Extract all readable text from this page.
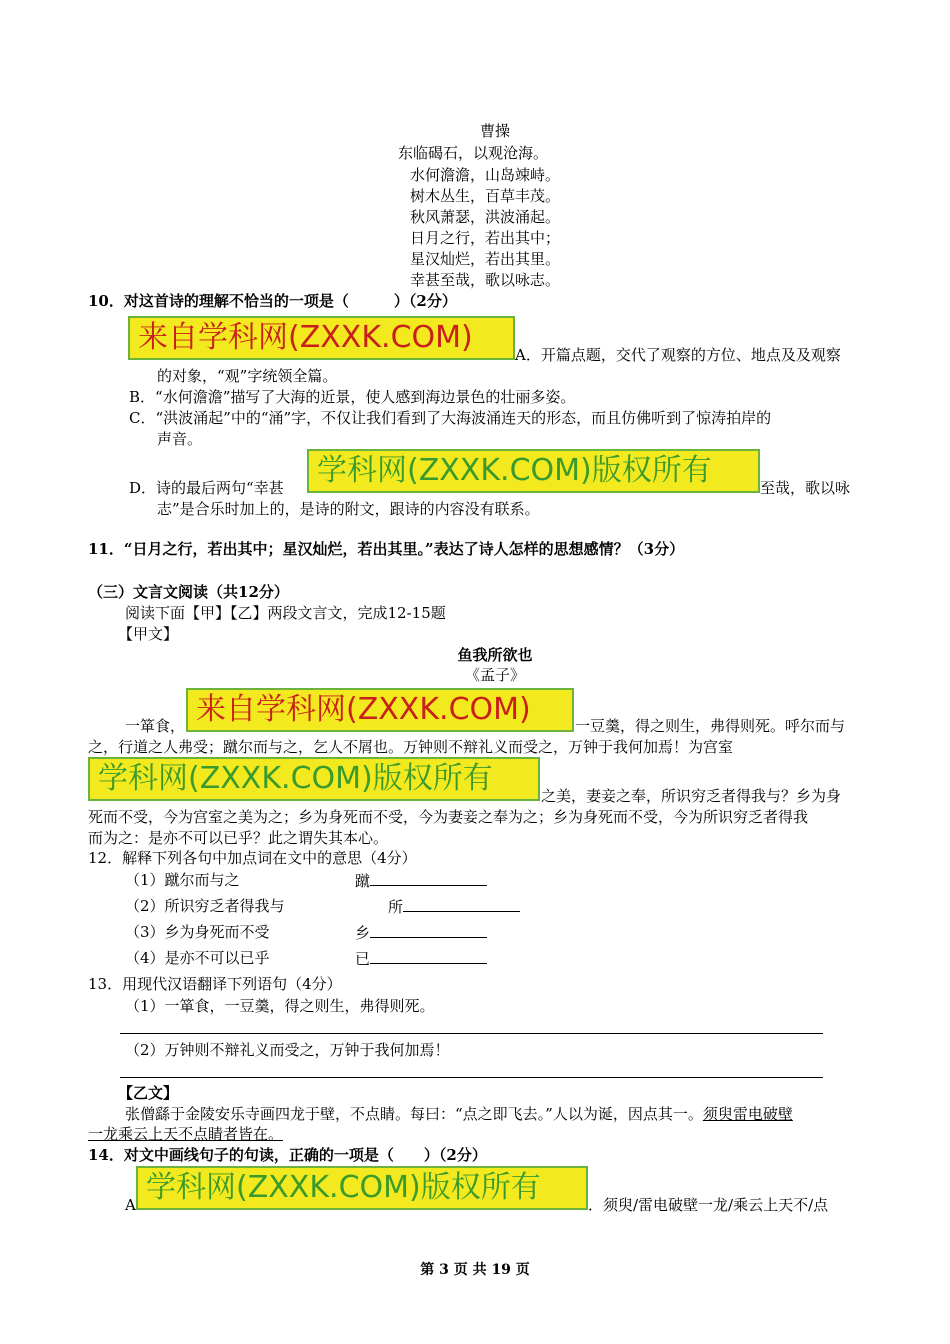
曹操
东临碣石，以观沧海。
水何澹澹，山岛竦峙。
树木丛生，百草丰茂。
秋风萧瑟，洪波涌起。
日月之行，若出其中；
星汉灿烂，若出其里。
幸甚至哉，歌以咏志。
10．对这首诗的理解不恰当的一项是（　　　）（2分）
来自学科网(ZXXK.COM)	A．开篇点题，交代了观察的方位、地点及及观察
的对象，“观”字统领全篇。
B．“水何澹澹”描写了大海的近景，使人感到海边景色的壮丽多姿。
C．“洪波涌起”中的“涌”字，不仅让我们看到了大海波涌连天的形态，而且仿佛听到了惊涛拍岸的
声音。
D．诗的最后两句“幸甚	学科网(ZXXK.COM)版权所有	至哉，歌以咏
志”是合乐时加上的，是诗的附文，跟诗的内容没有联系。
11．“日月之行，若出其中；星汉灿烂，若出其里。”表达了诗人怎样的思想感情？（3分）
（三）文言文阅读（共12分）
阅读下面【甲】【乙】两段文言文，完成12-15题
【甲文】
鱼我所欲也
《孟子》
一箪食， 来自学科网(ZXXK.COM)	一豆羹，得之则生，弗得则死。呼尔而与
之，行道之人弗受；蹴尔而与之，乞人不屑也。万钟则不辩礼义而受之，万钟于我何加焉！为宫室
学科网(ZXXK.COM)版权所有	之美，妻妾之奉，所识穷乏者得我与？乡为身
死而不受，今为宫室之美为之；乡为身死而不受，今为妻妾之奉为之；乡为身死而不受，今为所识穷乏者得我
而为之：是亦不可以已乎？此之谓失其本心。
12．解释下列各句中加点词在文中的意思（4分）
（1）蹴尔而与之	蹴
（2）所识穷乏者得我与	所
（3）乡为身死而不受	乡
（4）是亦不可以已乎	已
13．用现代汉语翻译下列语句（4分）
（1）一箪食，一豆羹，得之则生，弗得则死。
（2）万钟则不辩礼义而受之，万钟于我何加焉！
【乙文】
张僧繇于金陵安乐寺画四龙于壁，不点睛。每曰：“点之即飞去。”人以为诞，因点其一。须臾雷电破壁
一龙乘云上天不点睛者皆在。
14．对文中画线句子的句读，正确的一项是（　　）（2分）
A 学科网(ZXXK.COM)版权所有	．须臾/雷电破壁一龙/乘云上天不/点
第 3 页 共 19 页
